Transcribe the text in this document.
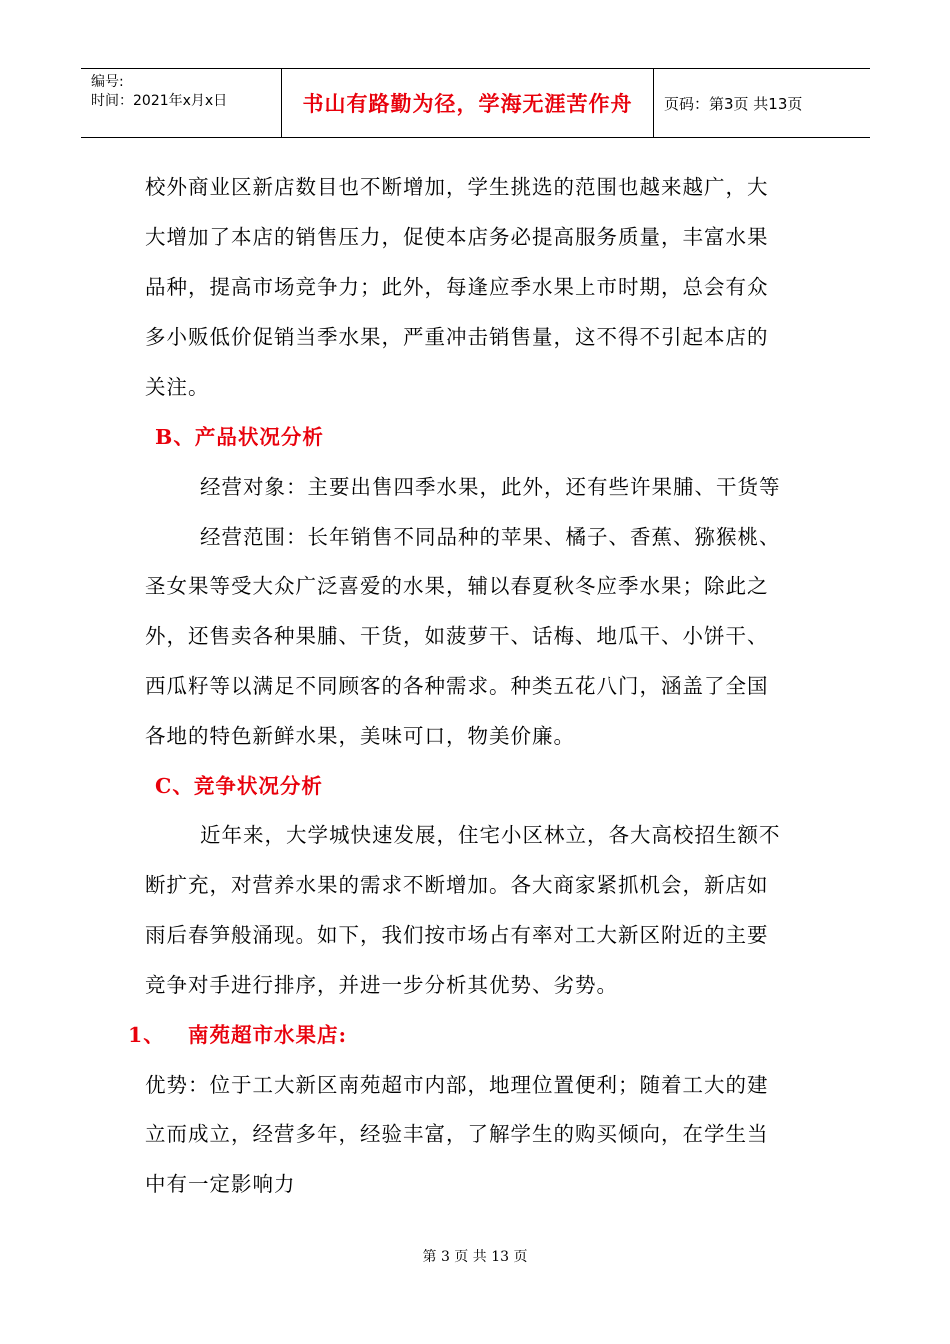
编号:
时间：2021年x月x日	书山有路勤为径，学海无涯苦作舟	页码：第3页 共13页
校外商业区新店数目也不断增加，学生挑选的范围也越来越广，大
大增加了本店的销售压力，促使本店务必提高服务质量，丰富水果
品种，提高市场竞争力；此外，每逢应季水果上市时期，总会有众
多小贩低价促销当季水果，严重冲击销售量，这不得不引起本店的
关注。
B、产品状况分析
经营对象：主要出售四季水果，此外，还有些许果脯、干货等
经营范围：长年销售不同品种的苹果、橘子、香蕉、猕猴桃、
圣女果等受大众广泛喜爱的水果，辅以春夏秋冬应季水果；除此之
外，还售卖各种果脯、干货，如菠萝干、话梅、地瓜干、小饼干、
西瓜籽等以满足不同顾客的各种需求。种类五花八门，涵盖了全国
各地的特色新鲜水果，美味可口，物美价廉。
C、竞争状况分析
近年来，大学城快速发展，住宅小区林立，各大高校招生额不
断扩充，对营养水果的需求不断增加。各大商家紧抓机会，新店如
雨后春笋般涌现。如下，我们按市场占有率对工大新区附近的主要
竞争对手进行排序，并进一步分析其优势、劣势。
1、	南苑超市水果店:
优势：位于工大新区南苑超市内部，地理位置便利；随着工大的建
立而成立，经营多年，经验丰富，了解学生的购买倾向，在学生当
中有一定影响力
第 3 页 共 13 页
